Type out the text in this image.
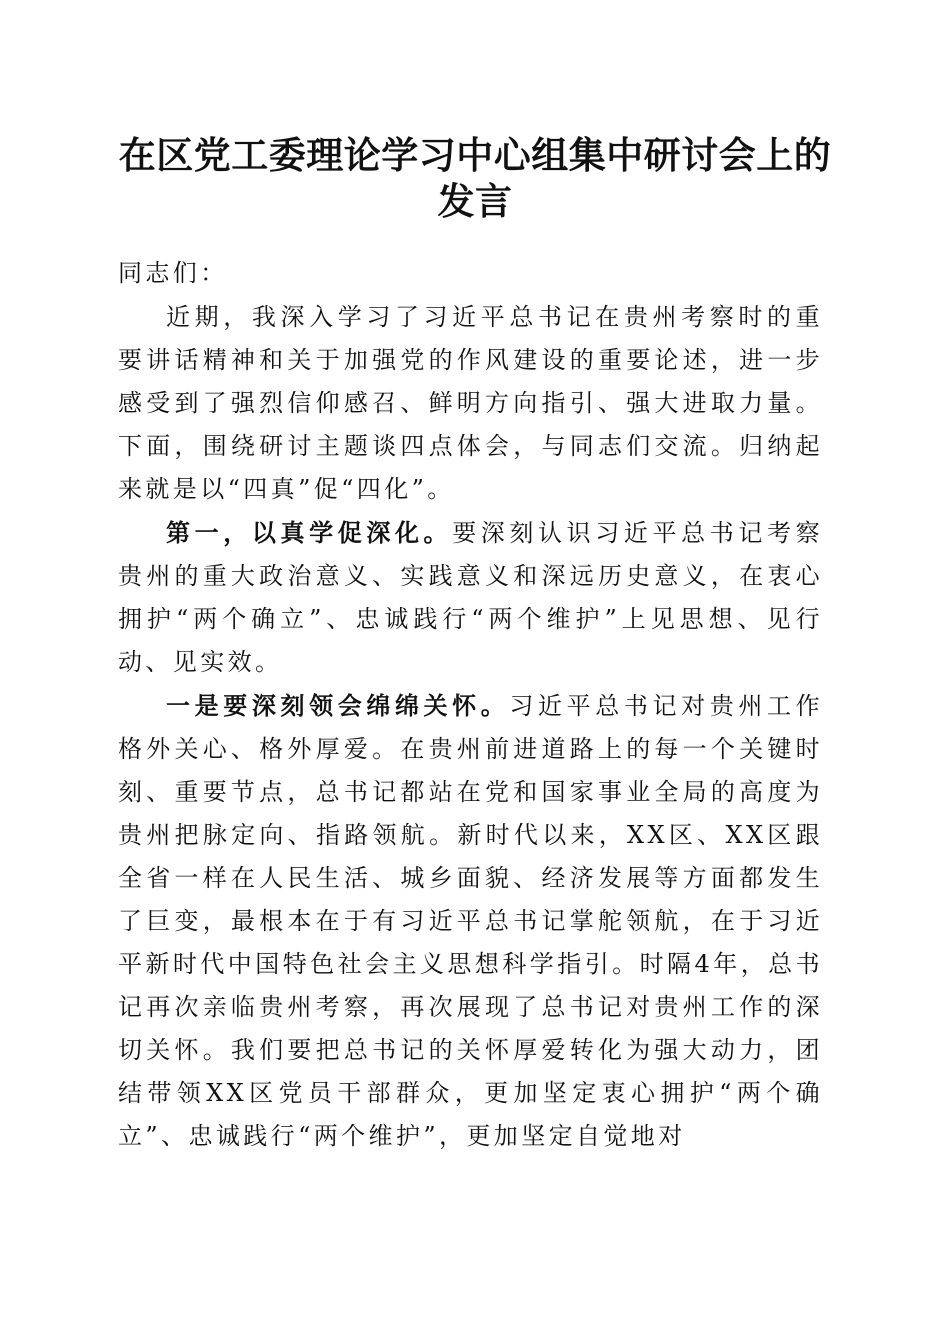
在区党工委理论学习中心组集中研讨会上的发言

同志们：

近期，我深入学习了习近平总书记在贵州考察时的重要讲话精神和关于加强党的作风建设的重要论述，进一步感受到了强烈信仰感召、鲜明方向指引、强大进取力量。下面，围绕研讨主题谈四点体会，与同志们交流。归纳起来就是以“四真”促“四化”。

第一，以真学促深化。要深刻认识习近平总书记考察贵州的重大政治意义、实践意义和深远历史意义，在衷心拥护“两个确立”、忠诚践行“两个维护”上见思想、见行动、见实效。

一是要深刻领会绵绵关怀。习近平总书记对贵州工作格外关心、格外厚爱。在贵州前进道路上的每一个关键时刻、重要节点，总书记都站在党和国家事业全局的高度为贵州把脉定向、指路领航。新时代以来，XX区、XX区跟全省一样在人民生活、城乡面貌、经济发展等方面都发生了巨变，最根本在于有习近平总书记掌舵领航，在于习近平新时代中国特色社会主义思想科学指引。时隔4年，总书记再次亲临贵州考察，再次展现了总书记对贵州工作的深切关怀。我们要把总书记的关怀厚爱转化为强大动力，团结带领XX区党员干部群众，更加坚定衷心拥护“两个确立”、忠诚践行“两个维护”，更加坚定自觉地对
